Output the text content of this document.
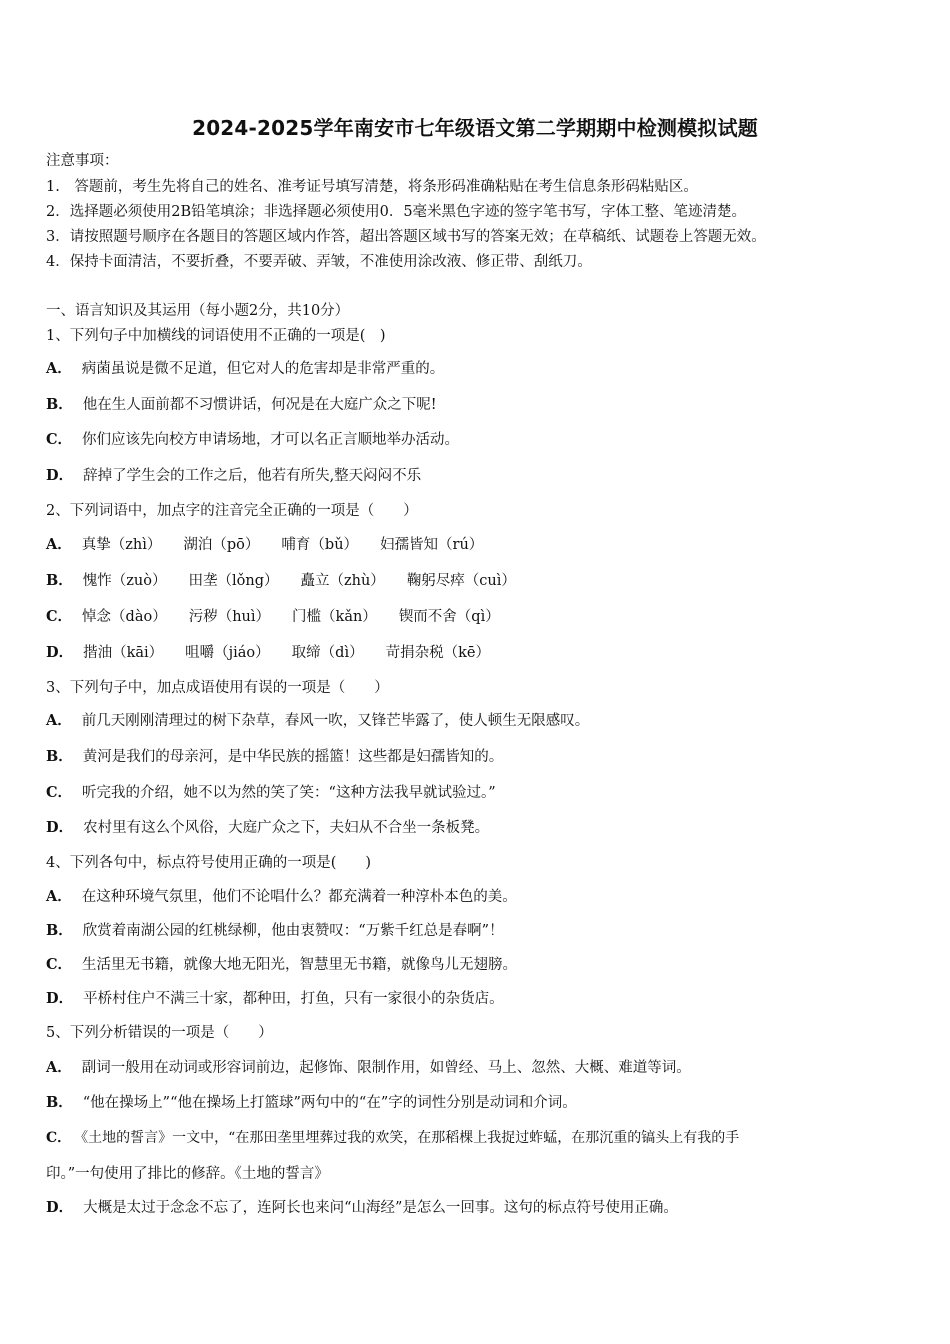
2024-2025学年南安市七年级语文第二学期期中检测模拟试题
注意事项：
1.　答题前，考生先将自己的姓名、准考证号填写清楚，将条形码准确粘贴在考生信息条形码粘贴区。
2．选择题必须使用2B铅笔填涂；非选择题必须使用0．5毫米黑色字迹的签字笔书写，字体工整、笔迹清楚。
3．请按照题号顺序在各题目的答题区域内作答，超出答题区域书写的答案无效；在草稿纸、试题卷上答题无效。
4．保持卡面清洁，不要折叠，不要弄破、弄皱，不准使用涂改液、修正带、刮纸刀。
一、语言知识及其运用（每小题2分，共10分）
1、下列句子中加横线的词语使用不正确的一项是(　)
A． 病菌虽说是微不足道，但它对人的危害却是非常严重的。
B． 他在生人面前都不习惯讲话，何况是在大庭广众之下呢!
C． 你们应该先向校方申请场地，才可以名正言顺地举办活动。
D． 辞掉了学生会的工作之后，他若有所失,整天闷闷不乐
2、下列词语中，加点字的注音完全正确的一项是（　　）
A． 真挚（zhì） 湖泊（pō） 哺育（bǔ） 妇孺皆知（rú）
B． 愧怍（zuò） 田垄（lǒng） 矗立（zhù） 鞠躬尽瘁（cuì）
C． 悼念（dào） 污秽（huì） 门槛（kǎn） 锲而不舍（qì）
D． 揩油（kāi） 咀嚼（jiáo） 取缔（dì） 苛捐杂税（kē）
3、下列句子中，加点成语使用有误的一项是（　　）
A． 前几天刚刚清理过的树下杂草，春风一吹，又锋芒毕露了，使人顿生无限感叹。
B． 黄河是我们的母亲河，是中华民族的摇篮！这些都是妇孺皆知的。
C． 听完我的介绍，她不以为然的笑了笑：“这种方法我早就试验过。”
D． 农村里有这么个风俗，大庭广众之下，夫妇从不合坐一条板凳。
4、下列各句中，标点符号使用正确的一项是(　　)
A． 在这种环境气氛里，他们不论唱什么？都充满着一种淳朴本色的美。
B． 欣赏着南湖公园的红桃绿柳，他由衷赞叹：“万紫千红总是春啊”！
C． 生活里无书籍，就像大地无阳光，智慧里无书籍，就像鸟儿无翅膀。
D． 平桥村住户不满三十家，都种田，打鱼，只有一家很小的杂货店。
5、下列分析错误的一项是（　　）
A． 副词一般用在动词或形容词前边，起修饰、限制作用，如曾经、马上、忽然、大概、难道等词。
B． “他在操场上”“他在操场上打篮球”两句中的“在”字的词性分别是动词和介词。
C． 《土地的誓言》一文中，“在那田垄里埋葬过我的欢笑，在那稻棵上我捉过蚱蜢，在那沉重的镐头上有我的手
印。”一句使用了排比的修辞。《土地的誓言》
D． 大概是太过于念念不忘了，连阿长也来问“山海经”是怎么一回事。这句的标点符号使用正确。
